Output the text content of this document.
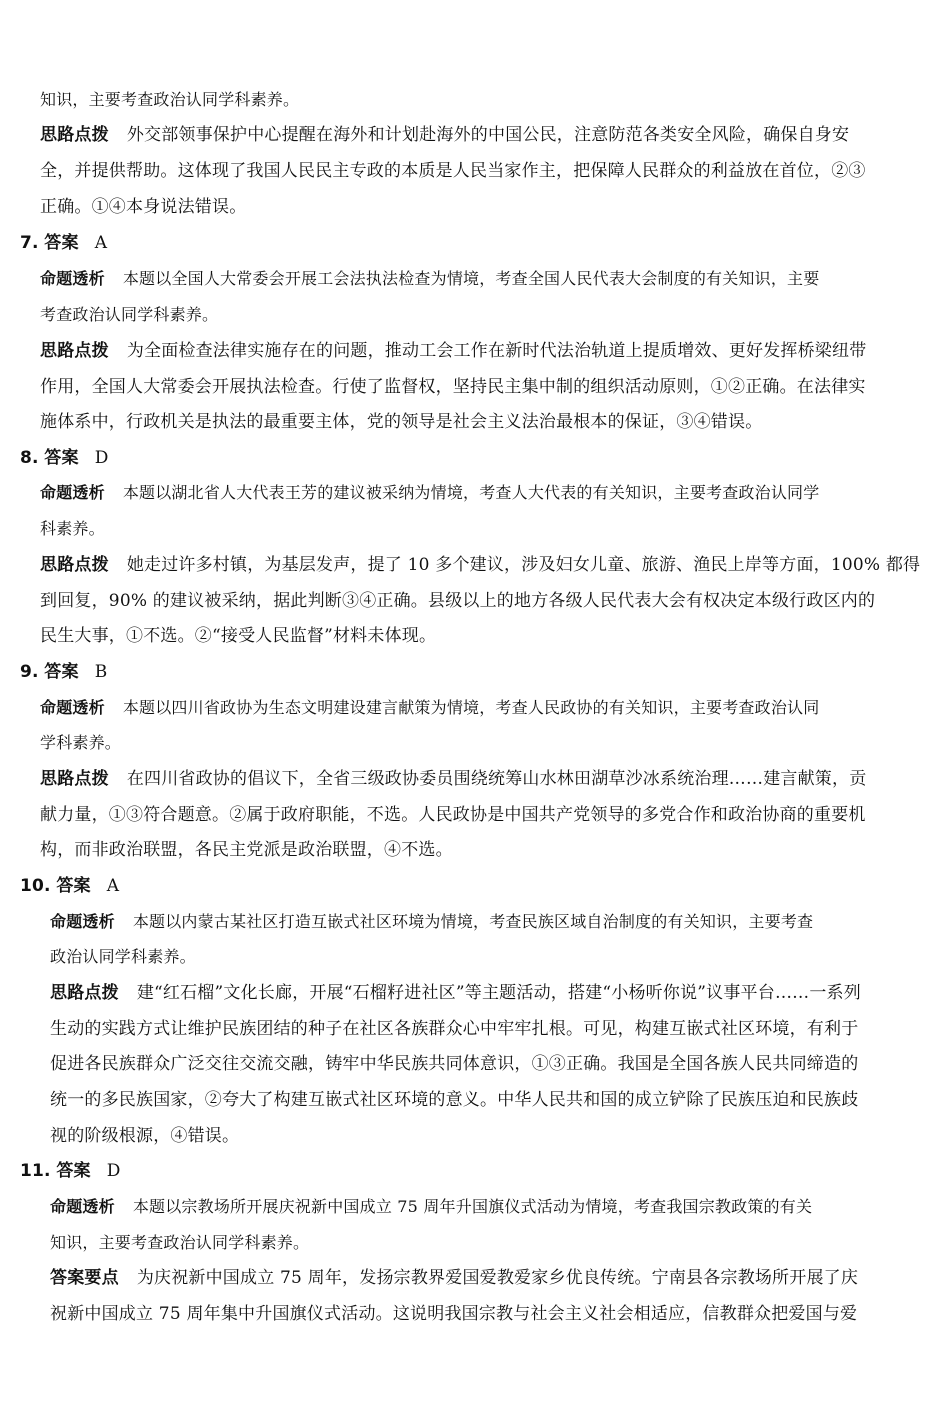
知识，主要考查政治认同学科素养。
思路点拨 外交部领事保护中心提醒在海外和计划赴海外的中国公民，注意防范各类安全风险，确保自身安
全，并提供帮助。这体现了我国人民民主专政的本质是人民当家作主，把保障人民群众的利益放在首位，②③
正确。①④本身说法错误。
7. 答案 A
命题透析 本题以全国人大常委会开展工会法执法检查为情境，考查全国人民代表大会制度的有关知识，主要
考查政治认同学科素养。
思路点拨 为全面检查法律实施存在的问题，推动工会工作在新时代法治轨道上提质增效、更好发挥桥梁纽带
作用，全国人大常委会开展执法检查。行使了监督权，坚持民主集中制的组织活动原则，①②正确。在法律实
施体系中，行政机关是执法的最重要主体，党的领导是社会主义法治最根本的保证，③④错误。
8. 答案 D
命题透析 本题以湖北省人大代表王芳的建议被采纳为情境，考查人大代表的有关知识，主要考查政治认同学
科素养。
思路点拨 她走过许多村镇，为基层发声，提了 10 多个建议，涉及妇女儿童、旅游、渔民上岸等方面，100% 都得
到回复，90% 的建议被采纳，据此判断③④正确。县级以上的地方各级人民代表大会有权决定本级行政区内的
民生大事，①不选。②“接受人民监督”材料未体现。
9. 答案 B
命题透析 本题以四川省政协为生态文明建设建言献策为情境，考查人民政协的有关知识，主要考查政治认同
学科素养。
思路点拨 在四川省政协的倡议下，全省三级政协委员围绕统筹山水林田湖草沙冰系统治理……建言献策，贡
献力量，①③符合题意。②属于政府职能，不选。人民政协是中国共产党领导的多党合作和政治协商的重要机
构，而非政治联盟，各民主党派是政治联盟，④不选。
10. 答案 A
命题透析 本题以内蒙古某社区打造互嵌式社区环境为情境，考查民族区域自治制度的有关知识，主要考查
政治认同学科素养。
思路点拨 建“红石榴”文化长廊，开展“石榴籽进社区”等主题活动，搭建“小杨听你说”议事平台……一系列
生动的实践方式让维护民族团结的种子在社区各族群众心中牢牢扎根。可见，构建互嵌式社区环境，有利于
促进各民族群众广泛交往交流交融，铸牢中华民族共同体意识，①③正确。我国是全国各族人民共同缔造的
统一的多民族国家，②夸大了构建互嵌式社区环境的意义。中华人民共和国的成立铲除了民族压迫和民族歧
视的阶级根源，④错误。
11. 答案 D
命题透析 本题以宗教场所开展庆祝新中国成立 75 周年升国旗仪式活动为情境，考查我国宗教政策的有关
知识，主要考查政治认同学科素养。
答案要点 为庆祝新中国成立 75 周年，发扬宗教界爱国爱教爱家乡优良传统。宁南县各宗教场所开展了庆
祝新中国成立 75 周年集中升国旗仪式活动。这说明我国宗教与社会主义社会相适应，信教群众把爱国与爱
